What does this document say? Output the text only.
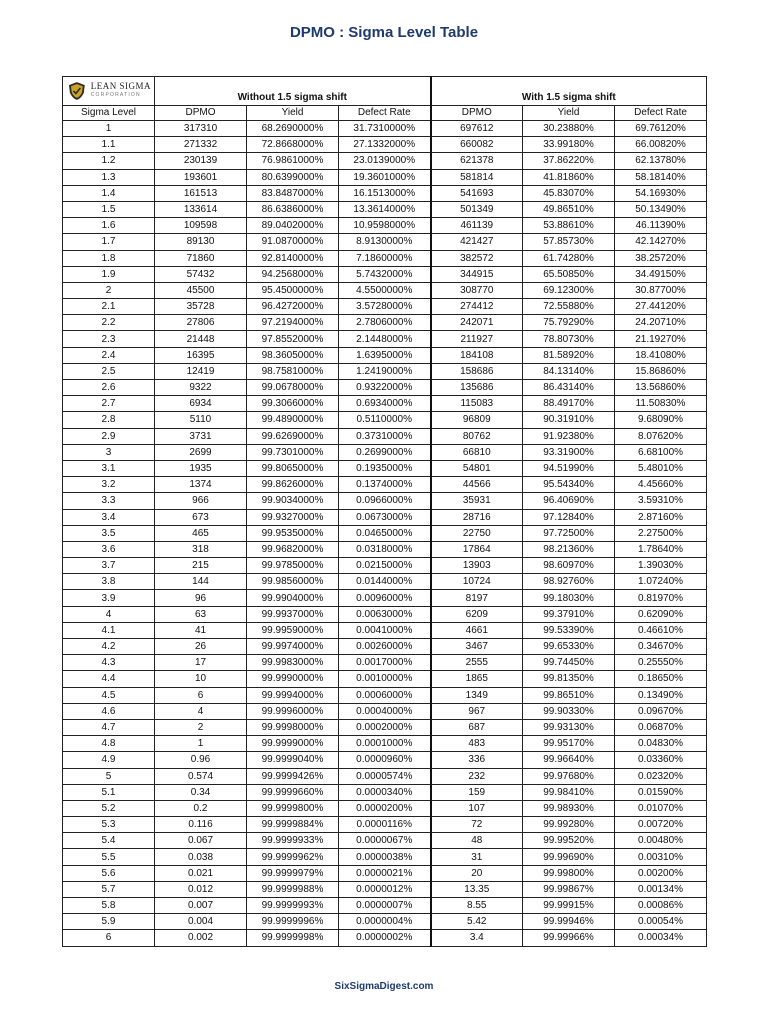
DPMO : Sigma Level Table
LEAN SIGMA
CORPORATION	Without 1.5 sigma shift			With 1.5 sigma shift		
Sigma Level	DPMO	Yield	Defect Rate	DPMO	Yield	Defect Rate
1	317310	68.2690000%	31.7310000%	697612	30.23880%	69.76120%
1.1	271332	72.8668000%	27.1332000%	660082	33.99180%	66.00820%
1.2	230139	76.9861000%	23.0139000%	621378	37.86220%	62.13780%
1.3	193601	80.6399000%	19.3601000%	581814	41.81860%	58.18140%
1.4	161513	83.8487000%	16.1513000%	541693	45.83070%	54.16930%
1.5	133614	86.6386000%	13.3614000%	501349	49.86510%	50.13490%
1.6	109598	89.0402000%	10.9598000%	461139	53.88610%	46.11390%
1.7	89130	91.0870000%	8.9130000%	421427	57.85730%	42.14270%
1.8	71860	92.8140000%	7.1860000%	382572	61.74280%	38.25720%
1.9	57432	94.2568000%	5.7432000%	344915	65.50850%	34.49150%
2	45500	95.4500000%	4.5500000%	308770	69.12300%	30.87700%
2.1	35728	96.4272000%	3.5728000%	274412	72.55880%	27.44120%
2.2	27806	97.2194000%	2.7806000%	242071	75.79290%	24.20710%
2.3	21448	97.8552000%	2.1448000%	211927	78.80730%	21.19270%
2.4	16395	98.3605000%	1.6395000%	184108	81.58920%	18.41080%
2.5	12419	98.7581000%	1.2419000%	158686	84.13140%	15.86860%
2.6	9322	99.0678000%	0.9322000%	135686	86.43140%	13.56860%
2.7	6934	99.3066000%	0.6934000%	115083	88.49170%	11.50830%
2.8	5110	99.4890000%	0.5110000%	96809	90.31910%	9.68090%
2.9	3731	99.6269000%	0.3731000%	80762	91.92380%	8.07620%
3	2699	99.7301000%	0.2699000%	66810	93.31900%	6.68100%
3.1	1935	99.8065000%	0.1935000%	54801	94.51990%	5.48010%
3.2	1374	99.8626000%	0.1374000%	44566	95.54340%	4.45660%
3.3	966	99.9034000%	0.0966000%	35931	96.40690%	3.59310%
3.4	673	99.9327000%	0.0673000%	28716	97.12840%	2.87160%
3.5	465	99.9535000%	0.0465000%	22750	97.72500%	2.27500%
3.6	318	99.9682000%	0.0318000%	17864	98.21360%	1.78640%
3.7	215	99.9785000%	0.0215000%	13903	98.60970%	1.39030%
3.8	144	99.9856000%	0.0144000%	10724	98.92760%	1.07240%
3.9	96	99.9904000%	0.0096000%	8197	99.18030%	0.81970%
4	63	99.9937000%	0.0063000%	6209	99.37910%	0.62090%
4.1	41	99.9959000%	0.0041000%	4661	99.53390%	0.46610%
4.2	26	99.9974000%	0.0026000%	3467	99.65330%	0.34670%
4.3	17	99.9983000%	0.0017000%	2555	99.74450%	0.25550%
4.4	10	99.9990000%	0.0010000%	1865	99.81350%	0.18650%
4.5	6	99.9994000%	0.0006000%	1349	99.86510%	0.13490%
4.6	4	99.9996000%	0.0004000%	967	99.90330%	0.09670%
4.7	2	99.9998000%	0.0002000%	687	99.93130%	0.06870%
4.8	1	99.9999000%	0.0001000%	483	99.95170%	0.04830%
4.9	0.96	99.9999040%	0.0000960%	336	99.96640%	0.03360%
5	0.574	99.9999426%	0.0000574%	232	99.97680%	0.02320%
5.1	0.34	99.9999660%	0.0000340%	159	99.98410%	0.01590%
5.2	0.2	99.9999800%	0.0000200%	107	99.98930%	0.01070%
5.3	0.116	99.9999884%	0.0000116%	72	99.99280%	0.00720%
5.4	0.067	99.9999933%	0.0000067%	48	99.99520%	0.00480%
5.5	0.038	99.9999962%	0.0000038%	31	99.99690%	0.00310%
5.6	0.021	99.9999979%	0.0000021%	20	99.99800%	0.00200%
5.7	0.012	99.9999988%	0.0000012%	13.35	99.99867%	0.00134%
5.8	0.007	99.9999993%	0.0000007%	8.55	99.99915%	0.00086%
5.9	0.004	99.9999996%	0.0000004%	5.42	99.99946%	0.00054%
6	0.002	99.9999998%	0.0000002%	3.4	99.99966%	0.00034%
SixSigmaDigest.com
